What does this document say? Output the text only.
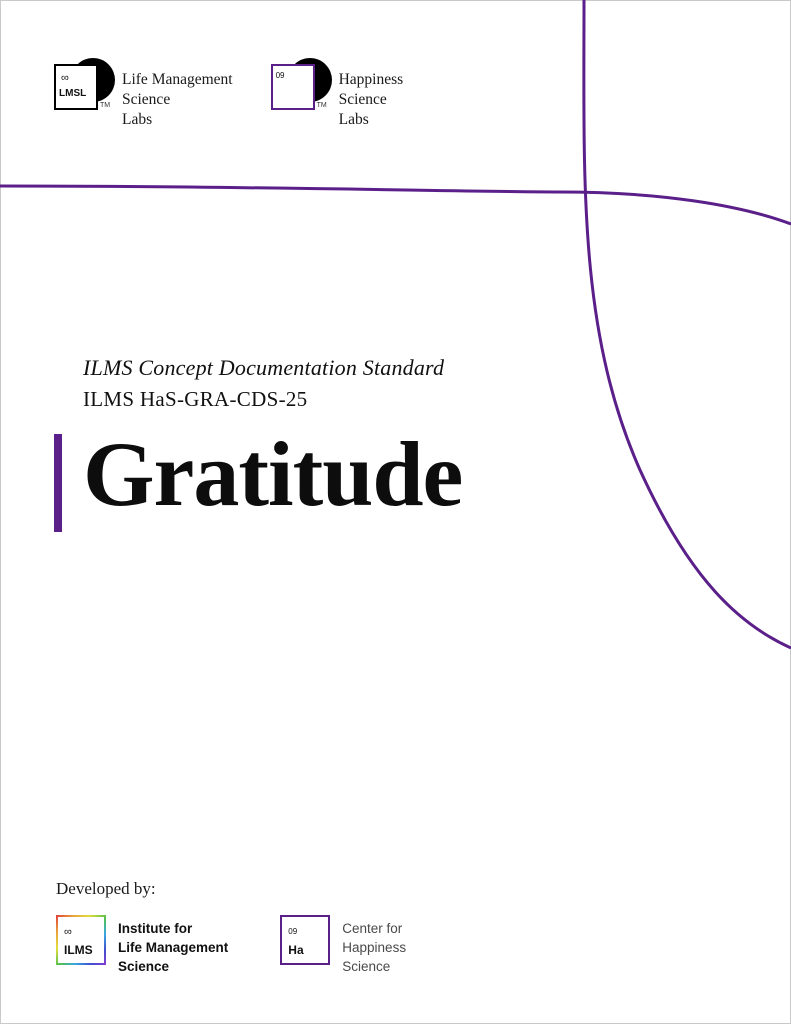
∞
LMSL
TM
Life Management
Science
Labs
09
Ha
TM
Happiness
Science
Labs
ILMS Concept Documentation Standard
ILMS HaS-GRA-CDS-25
Gratitude
Developed by:
∞
ILMS
Institute for
Life Management
Science
09
Ha
Center for
Happiness
Science
